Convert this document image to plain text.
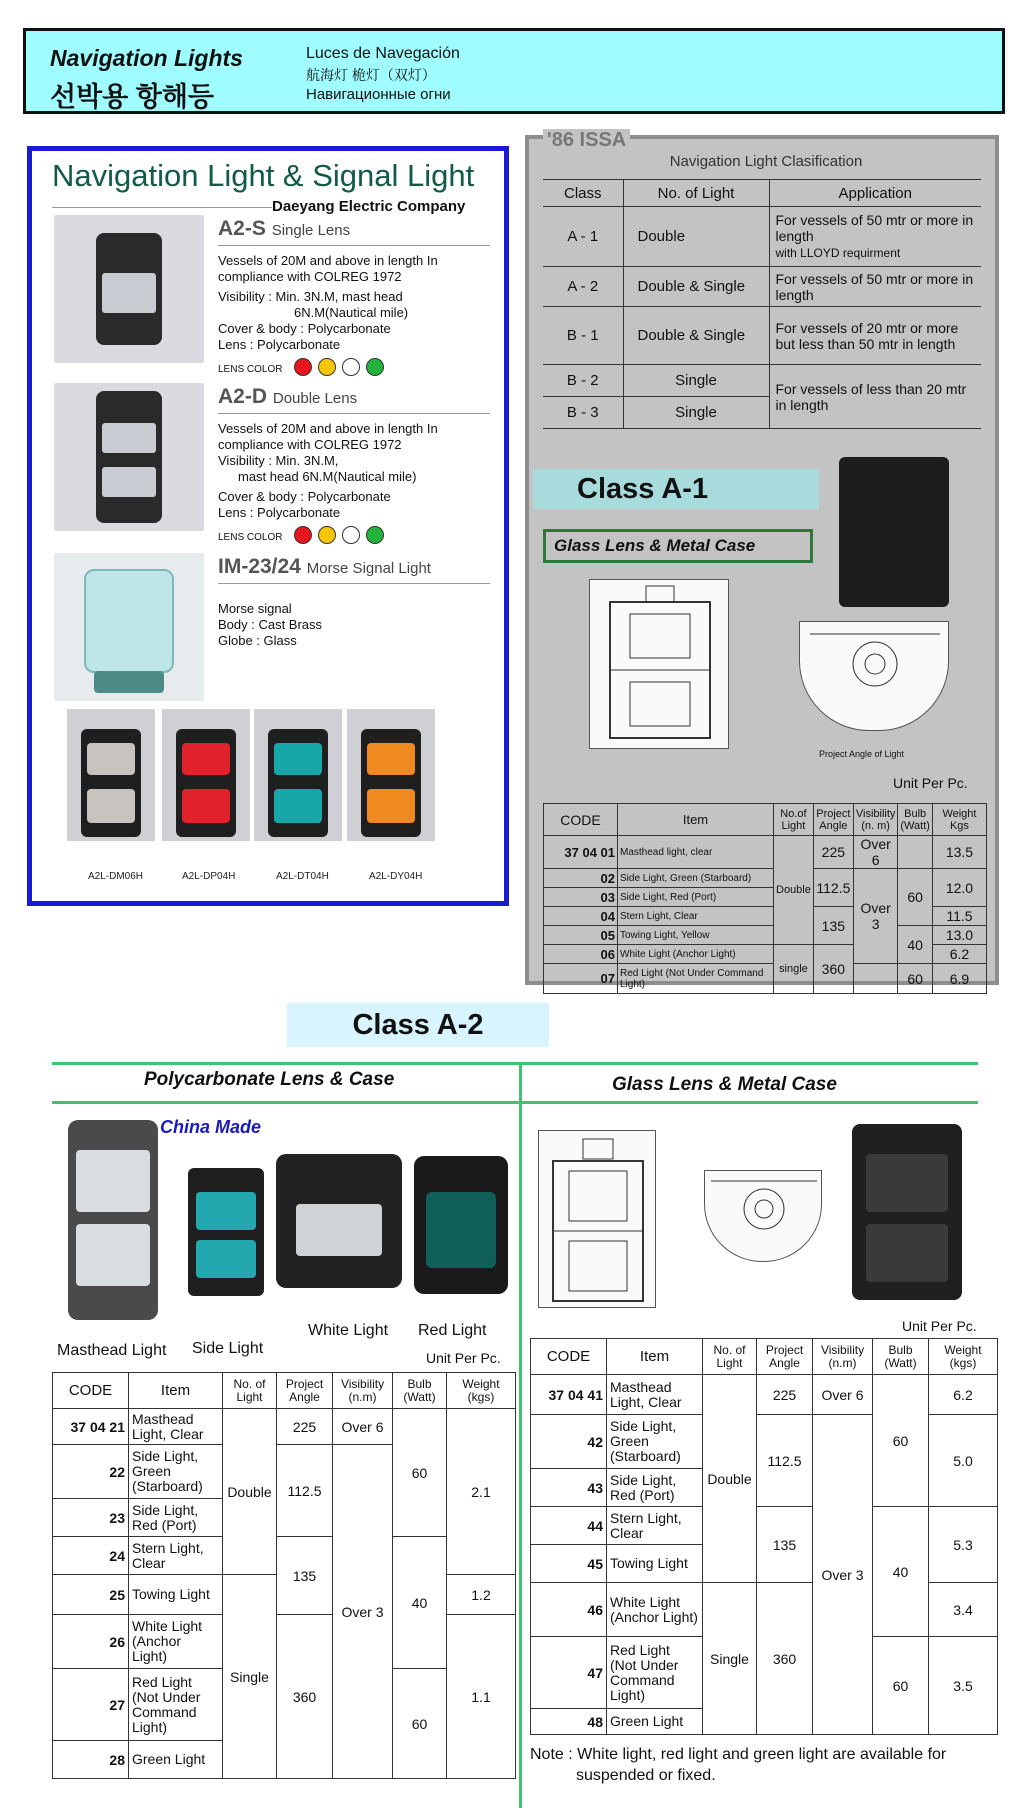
Navigation Lights
선박용 항해등
Luces de Navegación
航海灯 桅灯（双灯）
Навигационные огни
Navigation Light & Signal Light
Daeyang Electric Company
A2-S Single Lens
Vessels of 20M and above in length In compliance with COLREG 1972
Visibility : Min. 3N.M, mast head
6N.M(Nautical mile)
Cover & body : Polycarbonate
Lens : Polycarbonate
LENS COLOR
A2-D Double Lens
Vessels of 20M and above in length In compliance with COLREG 1972
Visibility : Min. 3N.M,
mast head 6N.M(Nautical mile)
Cover & body : Polycarbonate
Lens : Polycarbonate
LENS COLOR
IM-23/24 Morse Signal Light
Morse signal
Body : Cast Brass
Globe : Glass
A2L-DM06H	A2L-DP04H	A2L-DT04H	A2L-DY04H
'86 ISSA
Navigation Light Clasification
Class	No. of Light	Application
A - 1	Double	For vessels of 50 mtr or more in length
with LLOYD requirment
A - 2	Double & Single	For vessels of 50 mtr or more in length
B - 1	Double & Single	For vessels of 20 mtr or more but less than 50 mtr in length
B - 2	Single	For vessels of less than 20 mtr in length
B - 3	Single	
Class A-1
Glass Lens & Metal Case
Project Angle of Light
Unit Per Pc.
CODE	Item	No.of Light	Project Angle	Visibility (n. m)	Bulb (Watt)	Weight Kgs
37 04 01	Masthead light, clear	Double	225	Over 6		13.5
02	Side Light, Green (Starboard)		112.5	Over 3	60	12.0
03	Side Light, Red (Port)					
04	Stern Light, Clear		135			11.5
05	Towing Light, Yellow				40	13.0
06	White Light (Anchor Light)	single	360			6.2
07	Red Light (Not Under Command Light)				60	6.9
Class A-2
Polycarbonate Lens & Case	Glass Lens & Metal Case
China Made
Masthead Light Side Light
White Light Red Light
Unit Per Pc.
CODE	Item	No. of Light	Project Angle	Visibility (n.m)	Bulb (Watt)	Weight (kgs)
37 04 21	Masthead Light, Clear	Double	225	Over 6	60	2.1
22	Side Light, Green (Starboard)		112.5	Over 3		
23	Side Light, Red (Port)					
24	Stern Light, Clear		135		40	
25	Towing Light	Single				1.2
26	White Light (Anchor Light)		360			1.1
27	Red Light (Not Under Command Light)				60	
28	Green Light					
Unit Per Pc.
CODE	Item	No. of Light	Project Angle	Visibility (n.m)	Bulb (Watt)	Weight (kgs)
37 04 41	Masthead Light, Clear	Double	225	Over 6	60	6.2
42	Side Light, Green (Starboard)		112.5	Over 3		5.0
43	Side Light, Red (Port)					
44	Stern Light, Clear		135		40	5.3
45	Towing Light					
46	White Light (Anchor Light)	Single	360			3.4
47	Red Light (Not Under Command Light)				60	3.5
48	Green Light					
Note : White light, red light and green light are available for
suspended or fixed.
